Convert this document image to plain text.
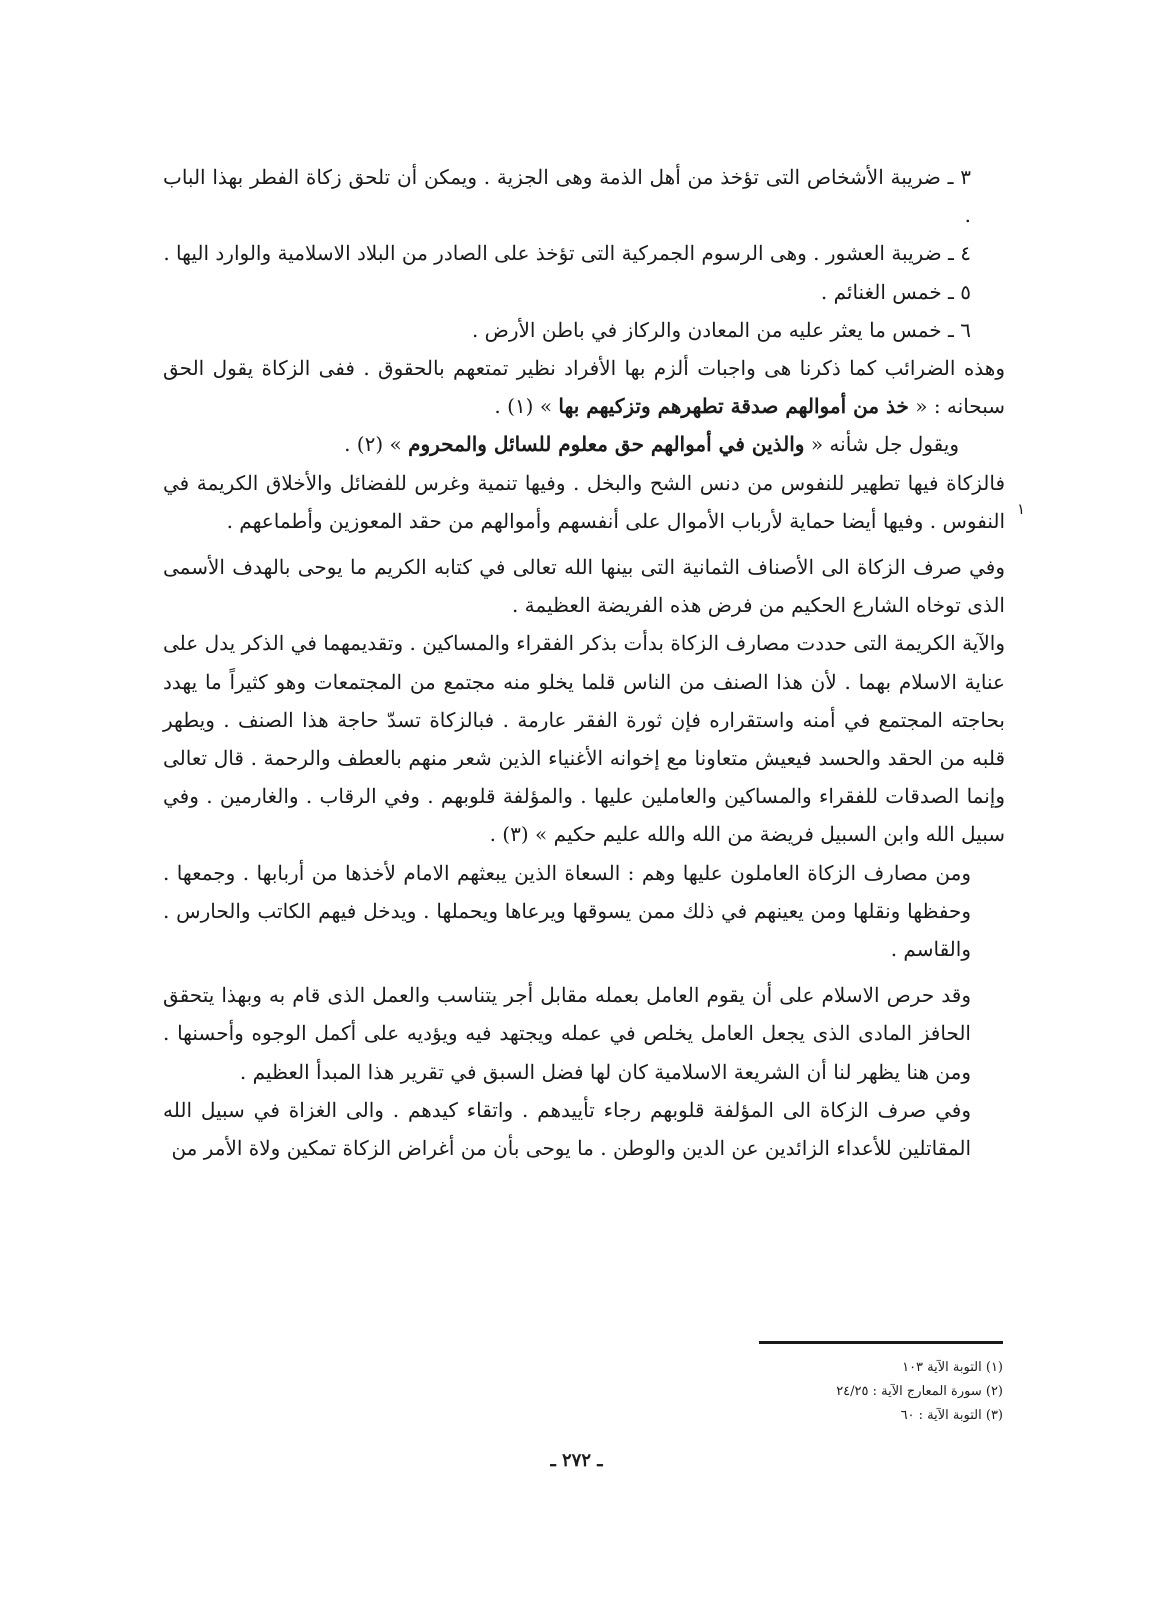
٣ ـ ضريبة الأشخاص التى تؤخذ من أهل الذمة وهى الجزية . ويمكن أن تلحق زكاة الفطر بهذا الباب .

٤ ـ ضريبة العشور . وهى الرسوم الجمركية التى تؤخذ على الصادر من البلاد الاسلامية والوارد اليها .

٥ ـ خمس الغنائم .

٦ ـ خمس ما يعثر عليه من المعادن والركاز في باطن الأرض .

وهذه الضرائب كما ذكرنا هى واجبات ألزم بها الأفراد نظير تمتعهم بالحقوق . ففى الزكاة يقول الحق سبحانه : « خذ من أموالهم صدقة تطهرهم وتزكيهم بها » (١) .

ويقول جل شأنه « والذين في أموالهم حق معلوم للسائل والمحروم » (٢) .

فالزكاة فيها تطهير للنفوس من دنس الشح والبخل . وفيها تنمية وغرس للفضائل والأخلاق الكريمة في النفوس . وفيها أيضا حماية لأرباب الأموال على أنفسهم وأموالهم من حقد المعوزين وأطماعهم .

وفي صرف الزكاة الى الأصناف الثمانية التى بينها الله تعالى في كتابه الكريم ما يوحى بالهدف الأسمى الذى توخاه الشارع الحكيم من فرض هذه الفريضة العظيمة .

والآية الكريمة التى حددت مصارف الزكاة بدأت بذكر الفقراء والمساكين . وتقديمهما في الذكر يدل على عناية الاسلام بهما . لأن هذا الصنف من الناس قلما يخلو منه مجتمع من المجتمعات وهو كثيراً ما يهدد بحاجته المجتمع في أمنه واستقراره فإن ثورة الفقر عارمة . فبالزكاة تسدّ حاجة هذا الصنف . ويطهر قلبه من الحقد والحسد فيعيش متعاونا مع إخوانه الأغنياء الذين شعر منهم بالعطف والرحمة . قال تعالى وإنما الصدقات للفقراء والمساكين والعاملين عليها . والمؤلفة قلوبهم . وفي الرقاب . والغارمين . وفي سبيل الله وابن السبيل فريضة من الله والله عليم حكيم » (٣) .

ومن مصارف الزكاة العاملون عليها وهم : السعاة الذين يبعثهم الامام لأخذها من أربابها . وجمعها . وحفظها ونقلها ومن يعينهم في ذلك ممن يسوقها ويرعاها ويحملها . ويدخل فيهم الكاتب والحارس . والقاسم .

وقد حرص الاسلام على أن يقوم العامل بعمله مقابل أجر يتناسب والعمل الذى قام به وبهذا يتحقق الحافز المادى الذى يجعل العامل يخلص في عمله ويجتهد فيه ويؤديه على أكمل الوجوه وأحسنها . ومن هنا يظهر لنا أن الشريعة الاسلامية كان لها فضل السبق في تقرير هذا المبدأ العظيم .

وفي صرف الزكاة الى المؤلفة قلوبهم رجاء تأييدهم . واتقاء كيدهم . والى الغزاة في سبيل الله المقاتلين للأعداء الزائدين عن الدين والوطن . ما يوحى بأن من أغراض الزكاة تمكين ولاة الأمر من

١
(١) التوبة الآية ١٠٣
(٢) سورة المعارج الآية : ٢٤/٢٥
(٣) التوبة الآية : ٦٠
ـ ٢٧٢ ـ
